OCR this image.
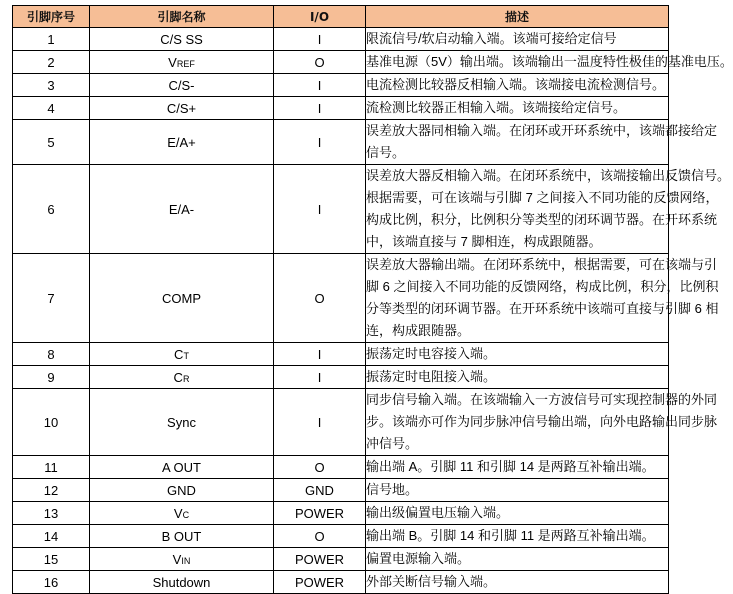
引脚序号	引脚名称	I/O	描述
1	C/S SS	I	限流信号/软启动输入端。该端可接给定信号

2	VREF	O	基准电源（5V）输出端。该端输出一温度特性极佳的基准电压。

3	C/S-	I	电流检测比较器反相输入端。该端接电流检测信号。

4	C/S+	I	流检测比较器正相输入端。该端接给定信号。

5	E/A+	I	误差放大器同相输入端。在闭环或开环系统中，该端都接给定
信号。

6	E/A-	I	误差放大器反相输入端。在闭环系统中，该端接输出反馈信号。
根据需要，可在该端与引脚 7 之间接入不同功能的反馈网络，
构成比例，积分，比例积分等类型的闭环调节器。在开环系统
中，该端直接与 7 脚相连，构成跟随器。

7	COMP	O	误差放大器输出端。在闭环系统中，根据需要，可在该端与引
脚 6 之间接入不同功能的反馈网络，构成比例，积分，比例积
分等类型的闭环调节器。在开环系统中该端可直接与引脚 6 相
连，构成跟随器。

8	CT	I	振荡定时电容接入端。

9	CR	I	振荡定时电阻接入端。

10	Sync	I	同步信号输入端。在该端输入一方波信号可实现控制器的外同
步。该端亦可作为同步脉冲信号输出端，向外电路输出同步脉
冲信号。

11	A OUT	O	输出端 A。引脚 11 和引脚 14 是两路互补输出端。

12	GND	GND	信号地。

13	VC	POWER	输出级偏置电压输入端。

14	B OUT	O	输出端 B。引脚 14 和引脚 11 是两路互补输出端。

15	VIN	POWER	偏置电源输入端。

16	Shutdown	POWER	外部关断信号输入端。
